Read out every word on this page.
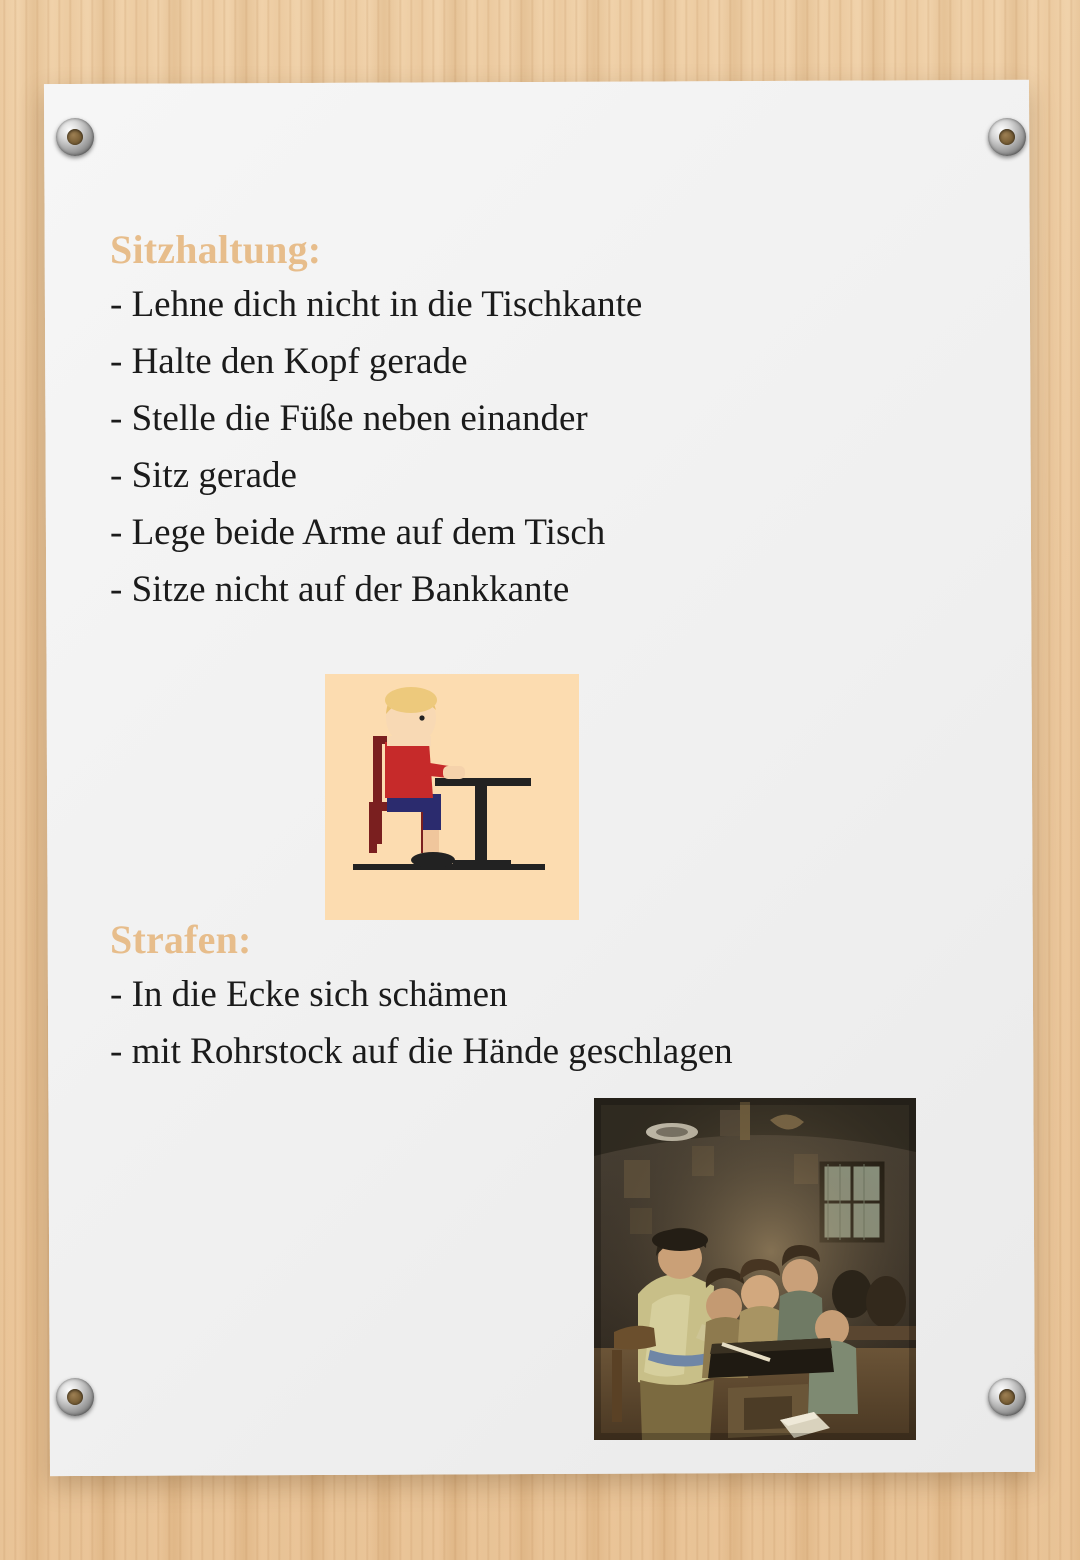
Sitzhaltung:
- Lehne dich nicht in die Tischkante
- Halte den Kopf gerade
- Stelle die Füße neben einander
- Sitz gerade
- Lege beide Arme auf dem Tisch
- Sitze nicht auf der Bankkante
Strafen:
- In die Ecke sich schämen
- mit Rohrstock auf die Hände geschlagen
